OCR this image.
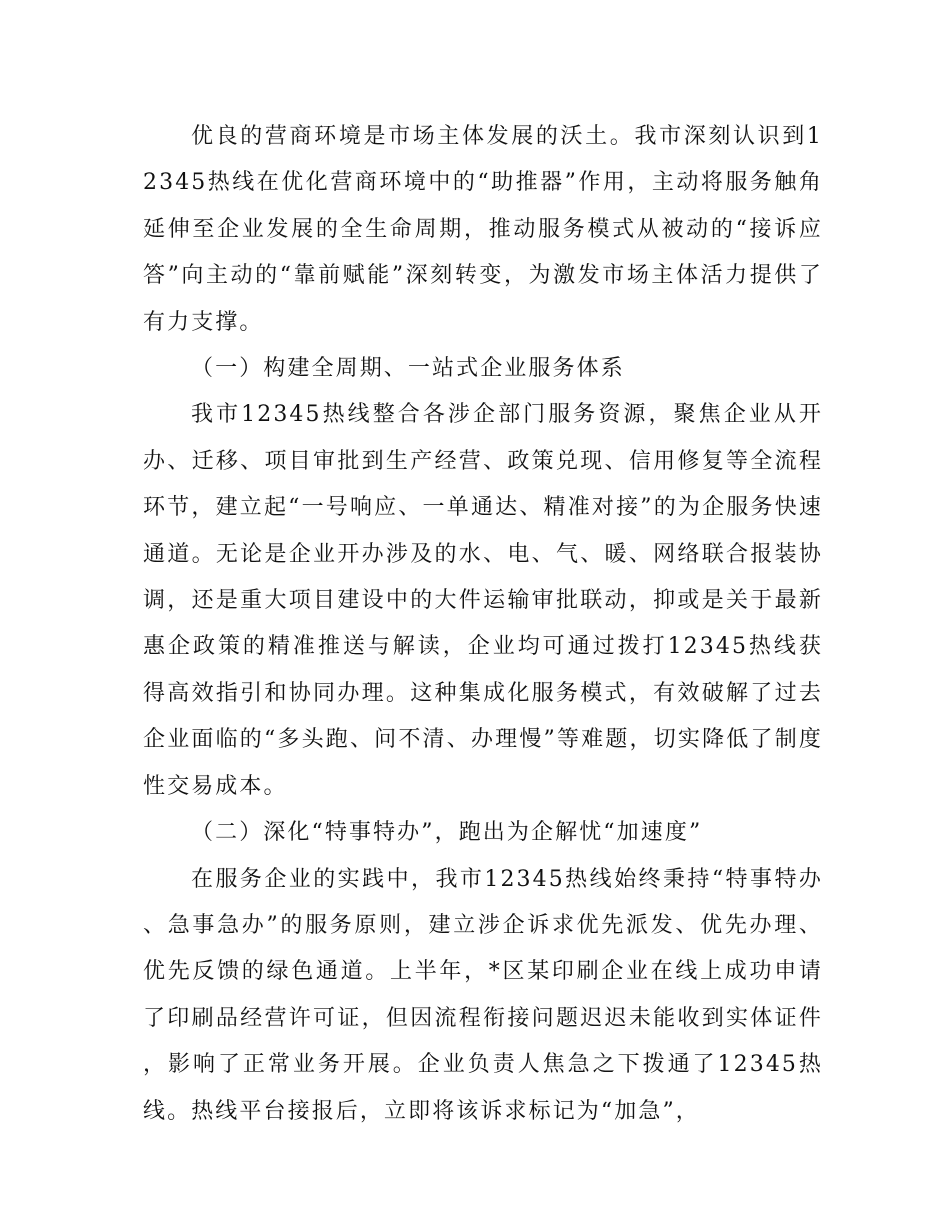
优良的营商环境是市场主体发展的沃土。我市深刻认识到12345热线在优化营商环境中的“助推器”作用，主动将服务触角延伸至企业发展的全生命周期，推动服务模式从被动的“接诉应答”向主动的“靠前赋能”深刻转变，为激发市场主体活力提供了有力支撑。

（一）构建全周期、一站式企业服务体系

我市12345热线整合各涉企部门服务资源，聚焦企业从开办、迁移、项目审批到生产经营、政策兑现、信用修复等全流程环节，建立起“一号响应、一单通达、精准对接”的为企服务快速通道。无论是企业开办涉及的水、电、气、暖、网络联合报装协调，还是重大项目建设中的大件运输审批联动，抑或是关于最新惠企政策的精准推送与解读，企业均可通过拨打12345热线获得高效指引和协同办理。这种集成化服务模式，有效破解了过去企业面临的“多头跑、问不清、办理慢”等难题，切实降低了制度性交易成本。

（二）深化“特事特办”，跑出为企解忧“加速度”

在服务企业的实践中，我市12345热线始终秉持“特事特办、急事急办”的服务原则，建立涉企诉求优先派发、优先办理、优先反馈的绿色通道。上半年，*区某印刷企业在线上成功申请了印刷品经营许可证，但因流程衔接问题迟迟未能收到实体证件，影响了正常业务开展。企业负责人焦急之下拨通了12345热线。热线平台接报后，立即将该诉求标记为“加急”，
